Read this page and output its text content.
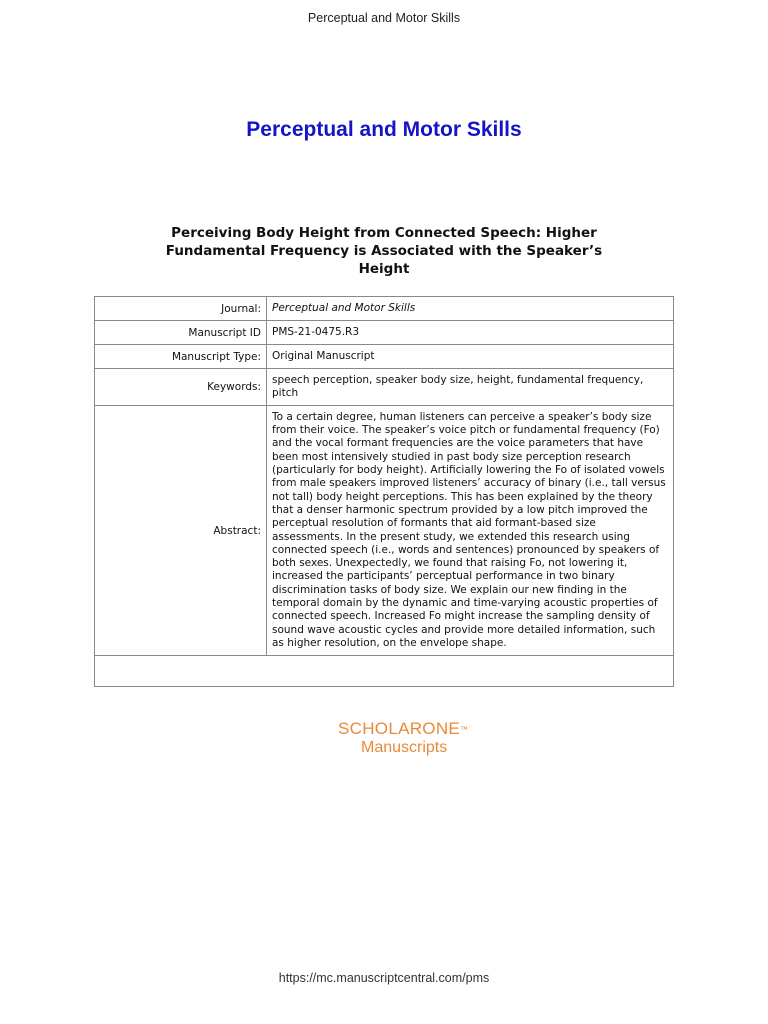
Perceptual and Motor Skills
Perceptual and Motor Skills
Perceiving Body Height from Connected Speech: Higher Fundamental Frequency is Associated with the Speaker’s Height
Journal:	Perceptual and Motor Skills
Manuscript ID	PMS-21-0475.R3
Manuscript Type:	Original Manuscript
Keywords:	speech perception, speaker body size, height, fundamental frequency, pitch
Abstract:	To a certain degree, human listeners can perceive a speaker’s body size from their voice. The speaker’s voice pitch or fundamental frequency (Fo) and the vocal formant frequencies are the voice parameters that have been most intensively studied in past body size perception research (particularly for body height). Artificially lowering the Fo of isolated vowels from male speakers improved listeners’ accuracy of binary (i.e., tall versus not tall) body height perceptions. This has been explained by the theory that a denser harmonic spectrum provided by a low pitch improved the perceptual resolution of formants that aid formant-based size assessments. In the present study, we extended this research using connected speech (i.e., words and sentences) pronounced by speakers of both sexes. Unexpectedly, we found that raising Fo, not lowering it, increased the participants’ perceptual performance in two binary discrimination tasks of body size. We explain our new finding in the temporal domain by the dynamic and time-varying acoustic properties of connected speech. Increased Fo might increase the sampling density of sound wave acoustic cycles and provide more detailed information, such as higher resolution, on the envelope shape.

SCHOLARONE™
Manuscripts
https://mc.manuscriptcentral.com/pms
